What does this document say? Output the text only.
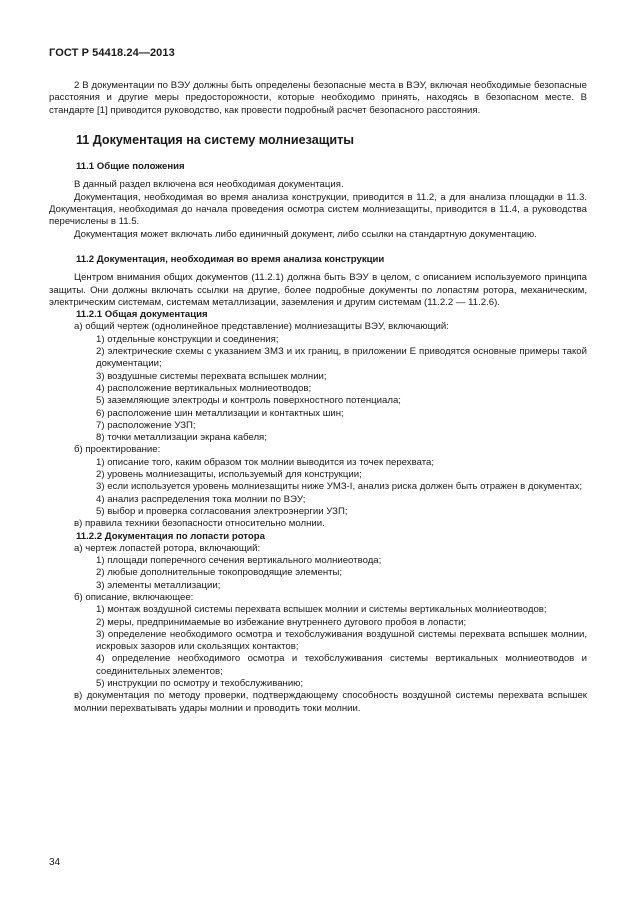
ГОСТ Р 54418.24—2013

2 В документации по ВЭУ должны быть определены безопасные места в ВЭУ, включая необходимые безопасные расстояния и другие меры предосторожности, которые необходимо принять, находясь в безопасном месте. В стандарте [1] приводится руководство, как провести подробный расчет безопасного расстояния.

11 Документация на систему молниезащиты
11.1 Общие положения

В данный раздел включена вся необходимая документация.

Документация, необходимая во время анализа конструкции, приводится в 11.2, а для анализа площадки в 11.3. Документация, необходимая до начала проведения осмотра систем молниезащиты, приводится в 11.4, а руководства перечислены в 11.5.

Документация может включать либо единичный документ, либо ссылки на стандартную документацию.

11.2 Документация, необходимая во время анализа конструкции

Центром внимания общих документов (11.2.1) должна быть ВЭУ в целом, с описанием используемого принципа защиты. Они должны включать ссылки на другие, более подробные документы по лопастям ротора, механическим, электрическим системам, системам металлизации, заземления и другим системам (11.2.2 — 11.2.6).

11.2.1 Общая документация

а) общий чертеж (однолинейное представление) молниезащиты ВЭУ, включающий:

1) отдельные конструкции и соединения;

2) электрические схемы с указанием ЗМЗ и их границ, в приложении Е приводятся основные примеры такой документации;

3) воздушные системы перехвата вспышек молнии;

4) расположение вертикальных молниеотводов;

5) заземляющие электроды и контроль поверхностного потенциала;

6) расположение шин металлизации и контактных шин;

7) расположение УЗП;

8) точки металлизации экрана кабеля;

б) проектирование:

1) описание того, каким образом ток молнии выводится из точек перехвата;

2) уровень молниезащиты, используемый для конструкции;

3) если используется уровень молниезащиты ниже УМЗ-I, анализ риска должен быть отражен в документах;

4) анализ распределения тока молнии по ВЭУ;

5) выбор и проверка согласования электроэнергии УЗП;

в) правила техники безопасности относительно молнии.

11.2.2 Документация по лопасти ротора

а) чертеж лопастей ротора, включающий:

1) площади поперечного сечения вертикального молниеотвода;

2) любые дополнительные токопроводящие элементы;

3) элементы металлизации;

б) описание, включающее:

1) монтаж воздушной системы перехвата вспышек молнии и системы вертикальных молниеотводов;

2) меры, предпринимаемые во избежание внутреннего дугового пробоя в лопасти;

3) определение необходимого осмотра и техобслуживания воздушной системы перехвата вспышек молнии, искровых зазоров или скользящих контактов;

4) определение необходимого осмотра и техобслуживания системы вертикальных молниеотводов и соединительных элементов;

5) инструкции по осмотру и техобслуживанию;

в) документация по методу проверки, подтверждающему способность воздушной системы перехвата вспышек молнии перехватывать удары молнии и проводить токи молнии.

34
